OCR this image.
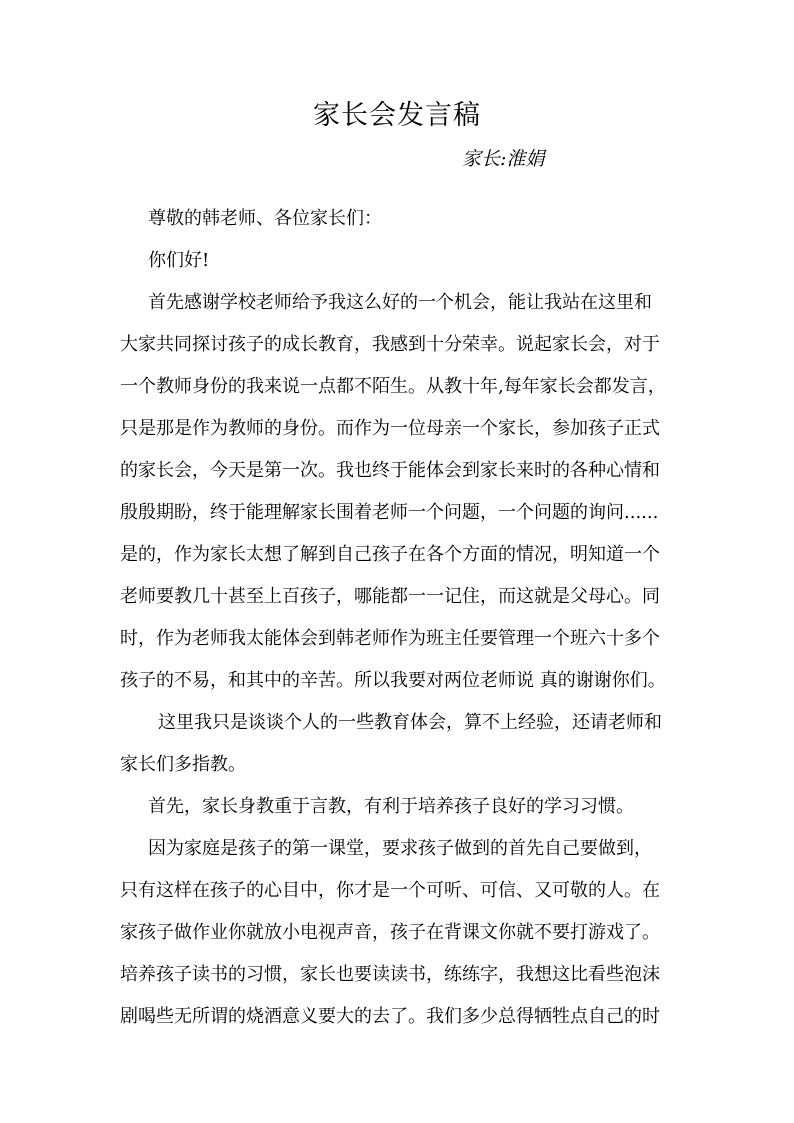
家长会发言稿
家长:淮娟
尊敬的韩老师、各位家长们：
你们好!
首先感谢学校老师给予我这么好的一个机会，能让我站在这里和
大家共同探讨孩子的成长教育，我感到十分荣幸。说起家长会，对于
一个教师身份的我来说一点都不陌生。从教十年,每年家长会都发言，
只是那是作为教师的身份。而作为一位母亲一个家长，参加孩子正式
的家长会，今天是第一次。我也终于能体会到家长来时的各种心情和
殷殷期盼，终于能理解家长围着老师一个问题，一个问题的询问......
是的，作为家长太想了解到自己孩子在各个方面的情况，明知道一个
老师要教几十甚至上百孩子，哪能都一一记住，而这就是父母心。同
时，作为老师我太能体会到韩老师作为班主任要管理一个班六十多个
孩子的不易，和其中的辛苦。所以我要对两位老师说 真的谢谢你们。
这里我只是谈谈个人的一些教育体会，算不上经验，还请老师和
家长们多指教。
首先，家长身教重于言教，有利于培养孩子良好的学习习惯。
因为家庭是孩子的第一课堂，要求孩子做到的首先自己要做到，
只有这样在孩子的心目中，你才是一个可听、可信、又可敬的人。在
家孩子做作业你就放小电视声音，孩子在背课文你就不要打游戏了。
培养孩子读书的习惯，家长也要读读书，练练字，我想这比看些泡沫
剧喝些无所谓的烧酒意义要大的去了。我们多少总得牺牲点自己的时
